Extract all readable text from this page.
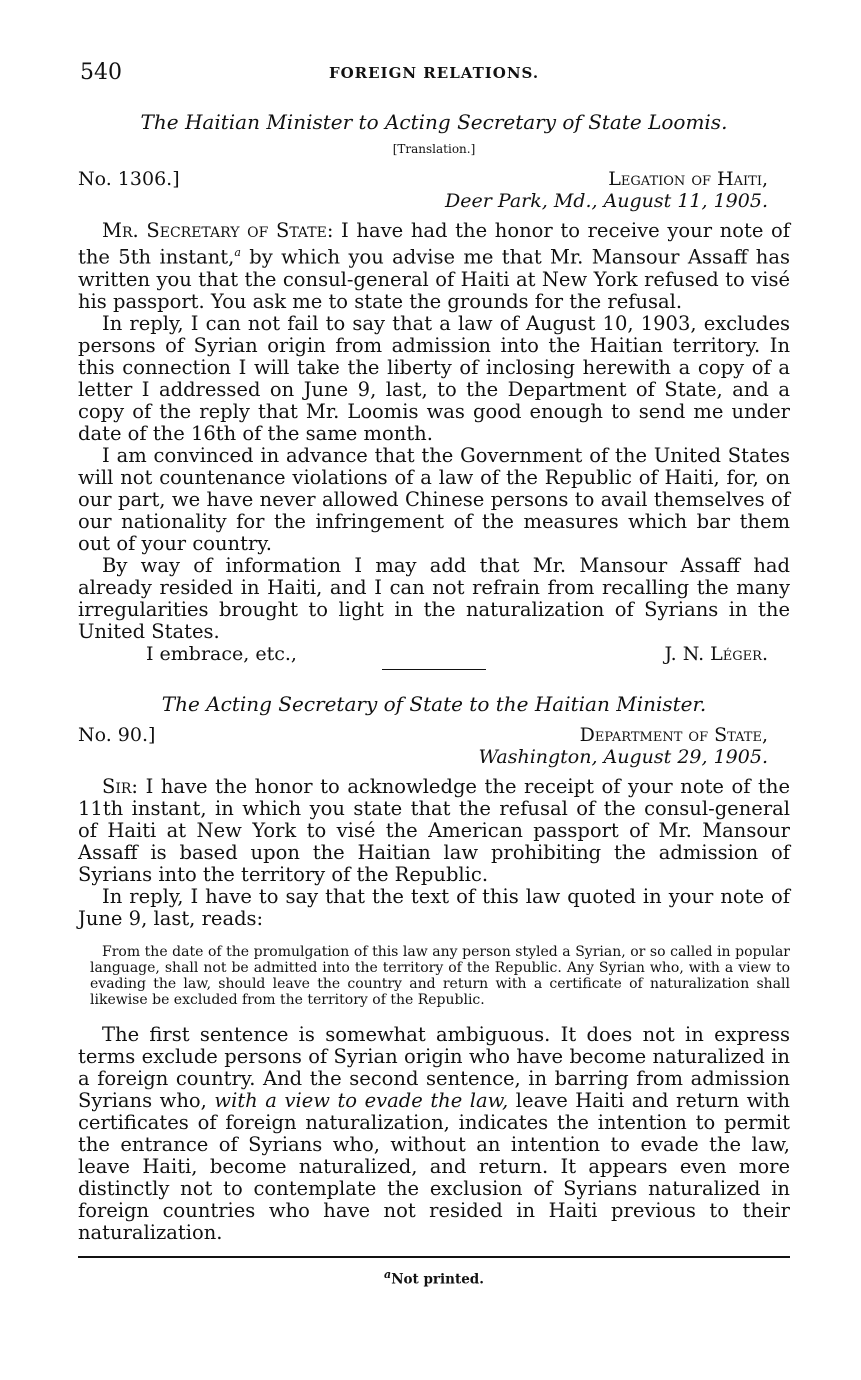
540	FOREIGN RELATIONS.
The Haitian Minister to Acting Secretary of State Loomis.
[Translation.]
No. 1306.]	Legation of Haiti,
Deer Park, Md., August 11, 1905.

Mr. Secretary of State: I have had the honor to receive your note of the 5th instant,$^a$ by which you advise me that Mr. Mansour Assaff has written you that the consul-general of Haiti at New York refused to visé his passport. You ask me to state the grounds for the refusal.

In reply, I can not fail to say that a law of August 10, 1903, excludes persons of Syrian origin from admission into the Haitian territory. In this connection I will take the liberty of inclosing herewith a copy of a letter I addressed on June 9, last, to the Department of State, and a copy of the reply that Mr. Loomis was good enough to send me under date of the 16th of the same month.

I am convinced in advance that the Government of the United States will not countenance violations of a law of the Republic of Haiti, for, on our part, we have never allowed Chinese persons to avail themselves of our nationality for the infringement of the measures which bar them out of your country.

By way of information I may add that Mr. Mansour Assaff had already resided in Haiti, and I can not refrain from recalling the many irregularities brought to light in the naturalization of Syrians in the United States.

I embrace, etc.,	J. N. Léger.
The Acting Secretary of State to the Haitian Minister.
No. 90.]	Department of State,
Washington, August 29, 1905.

Sir: I have the honor to acknowledge the receipt of your note of the 11th instant, in which you state that the refusal of the consul-general of Haiti at New York to visé the American passport of Mr. Mansour Assaff is based upon the Haitian law prohibiting the admission of Syrians into the territory of the Republic.

In reply, I have to say that the text of this law quoted in your note of June 9, last, reads:

From the date of the promulgation of this law any person styled a Syrian, or so called in popular language, shall not be admitted into the territory of the Republic. Any Syrian who, with a view to evading the law, should leave the country and return with a certificate of naturalization shall likewise be excluded from the territory of the Republic.

The first sentence is somewhat ambiguous. It does not in express terms exclude persons of Syrian origin who have become naturalized in a foreign country. And the second sentence, in barring from admission Syrians who, with a view to evade the law, leave Haiti and return with certificates of foreign naturalization, indicates the intention to permit the entrance of Syrians who, without an intention to evade the law, leave Haiti, become naturalized, and return. It appears even more distinctly not to contemplate the exclusion of Syrians naturalized in foreign countries who have not resided in Haiti previous to their naturalization.

$^a$Not printed.
